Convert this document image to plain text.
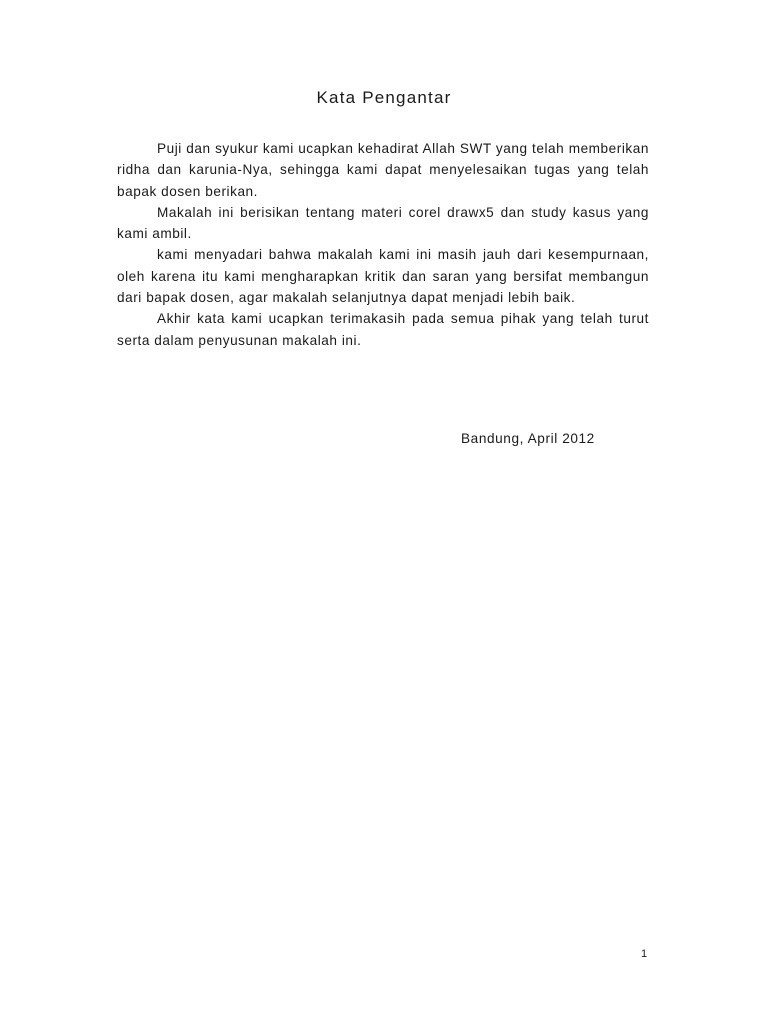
Kata Pengantar

Puji dan syukur kami ucapkan kehadirat Allah SWT yang telah memberikan ridha dan karunia-Nya, sehingga kami dapat menyelesaikan tugas yang telah bapak dosen berikan.

Makalah ini berisikan tentang materi corel drawx5 dan study kasus yang kami ambil.

kami menyadari bahwa makalah kami ini masih jauh dari kesempurnaan, oleh karena itu kami mengharapkan kritik dan saran yang bersifat membangun dari bapak dosen, agar makalah selanjutnya dapat menjadi lebih baik.

Akhir kata kami ucapkan terimakasih pada semua pihak yang telah turut serta dalam penyusunan makalah ini.

Bandung, April 2012
1
